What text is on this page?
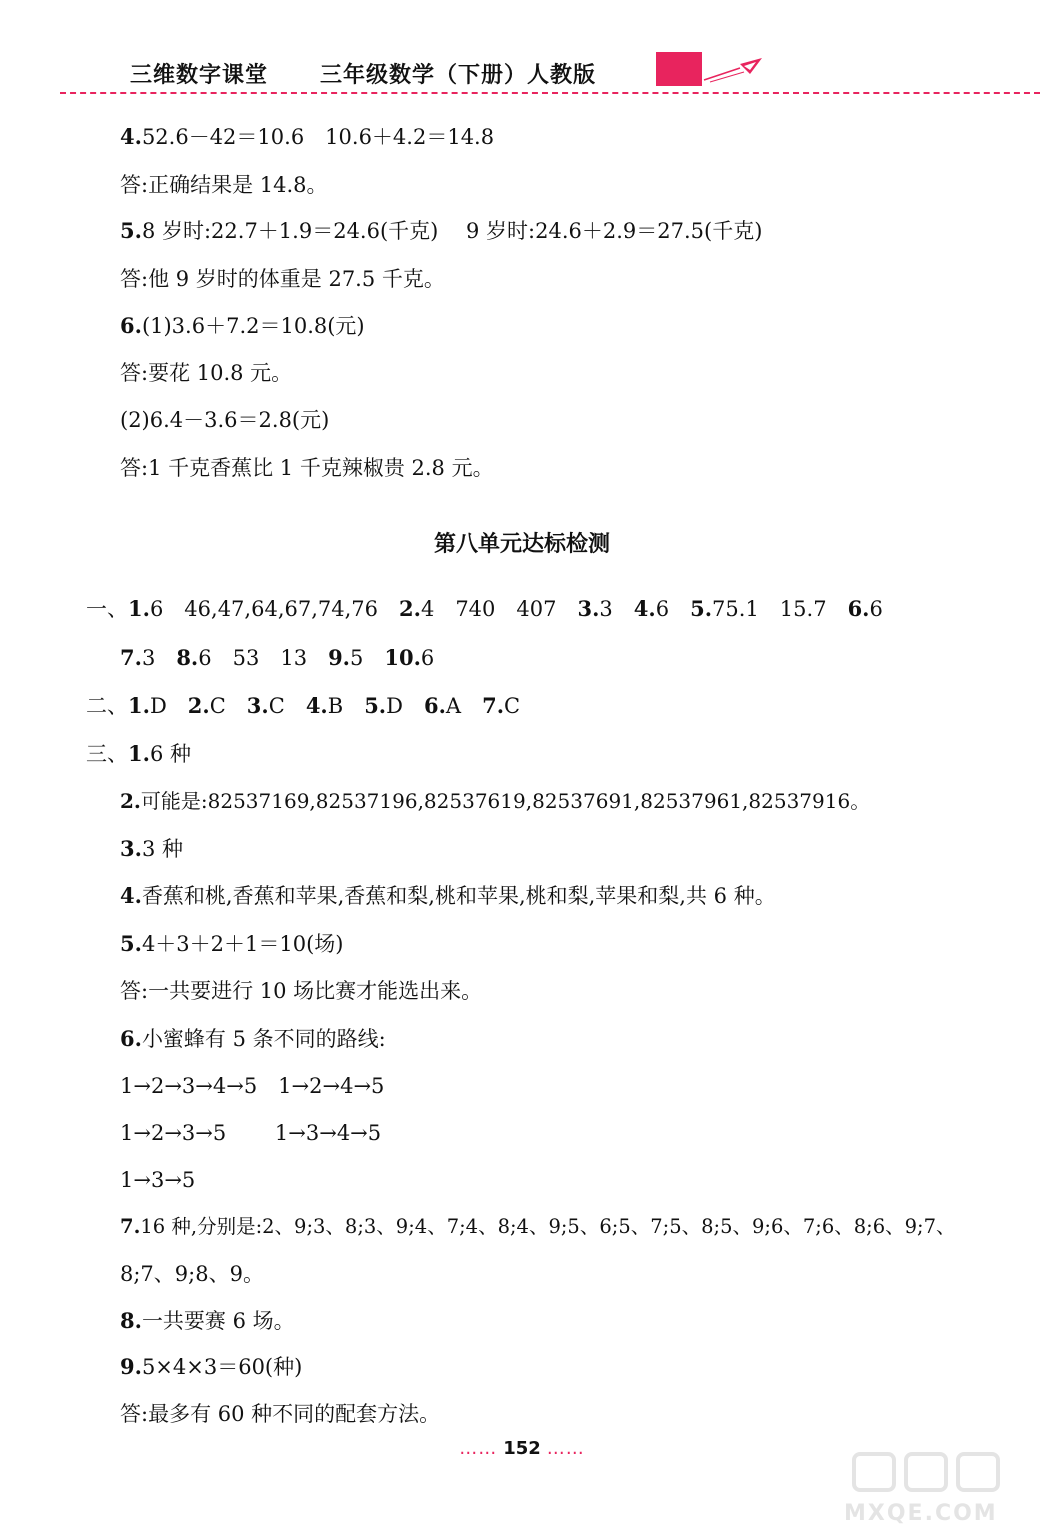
三维数字课堂 三年级数学（下册）人教版
4.52.6－42＝10.6　10.6＋4.2＝14.8
答:正确结果是 14.8。
5.8 岁时:22.7＋1.9＝24.6(千克)　 9 岁时:24.6＋2.9＝27.5(千克)
答:他 9 岁时的体重是 27.5 千克。
6.(1)3.6＋7.2＝10.8(元)
答:要花 10.8 元。
(2)6.4－3.6＝2.8(元)
答:1 千克香蕉比 1 千克辣椒贵 2.8 元。
第八单元达标检测
一、1.6　46,47,64,67,74,76　 2.4　740　407　 3.3　 4.6　 5.75.1　15.7　 6.6
7.3　 8.6　53　13　 9.5　 10.6
二、1.D　 2.C　 3.C　 4.B　 5.D　 6.A　 7.C
三、1.6 种
2.可能是:82537169,82537196,82537619,82537691,82537961,82537916。
3.3 种
4.香蕉和桃,香蕉和苹果,香蕉和梨,桃和苹果,桃和梨,苹果和梨,共 6 种。
5.4＋3＋2＋1＝10(场)
答:一共要进行 10 场比赛才能选出来。
6.小蜜蜂有 5 条不同的路线:
1→2→3→4→5　1→2→4→5
1→2→3→5　　 1→3→4→5
1→3→5
7.16 种,分别是:2、9;3、8;3、9;4、7;4、8;4、9;5、6;5、7;5、8;5、9;6、7;6、8;6、9;7、
8;7、9;8、9。
8.一共要赛 6 场。
9.5×4×3＝60(种)
答:最多有 60 种不同的配套方法。
…… 152 ……
MXQE.COM
